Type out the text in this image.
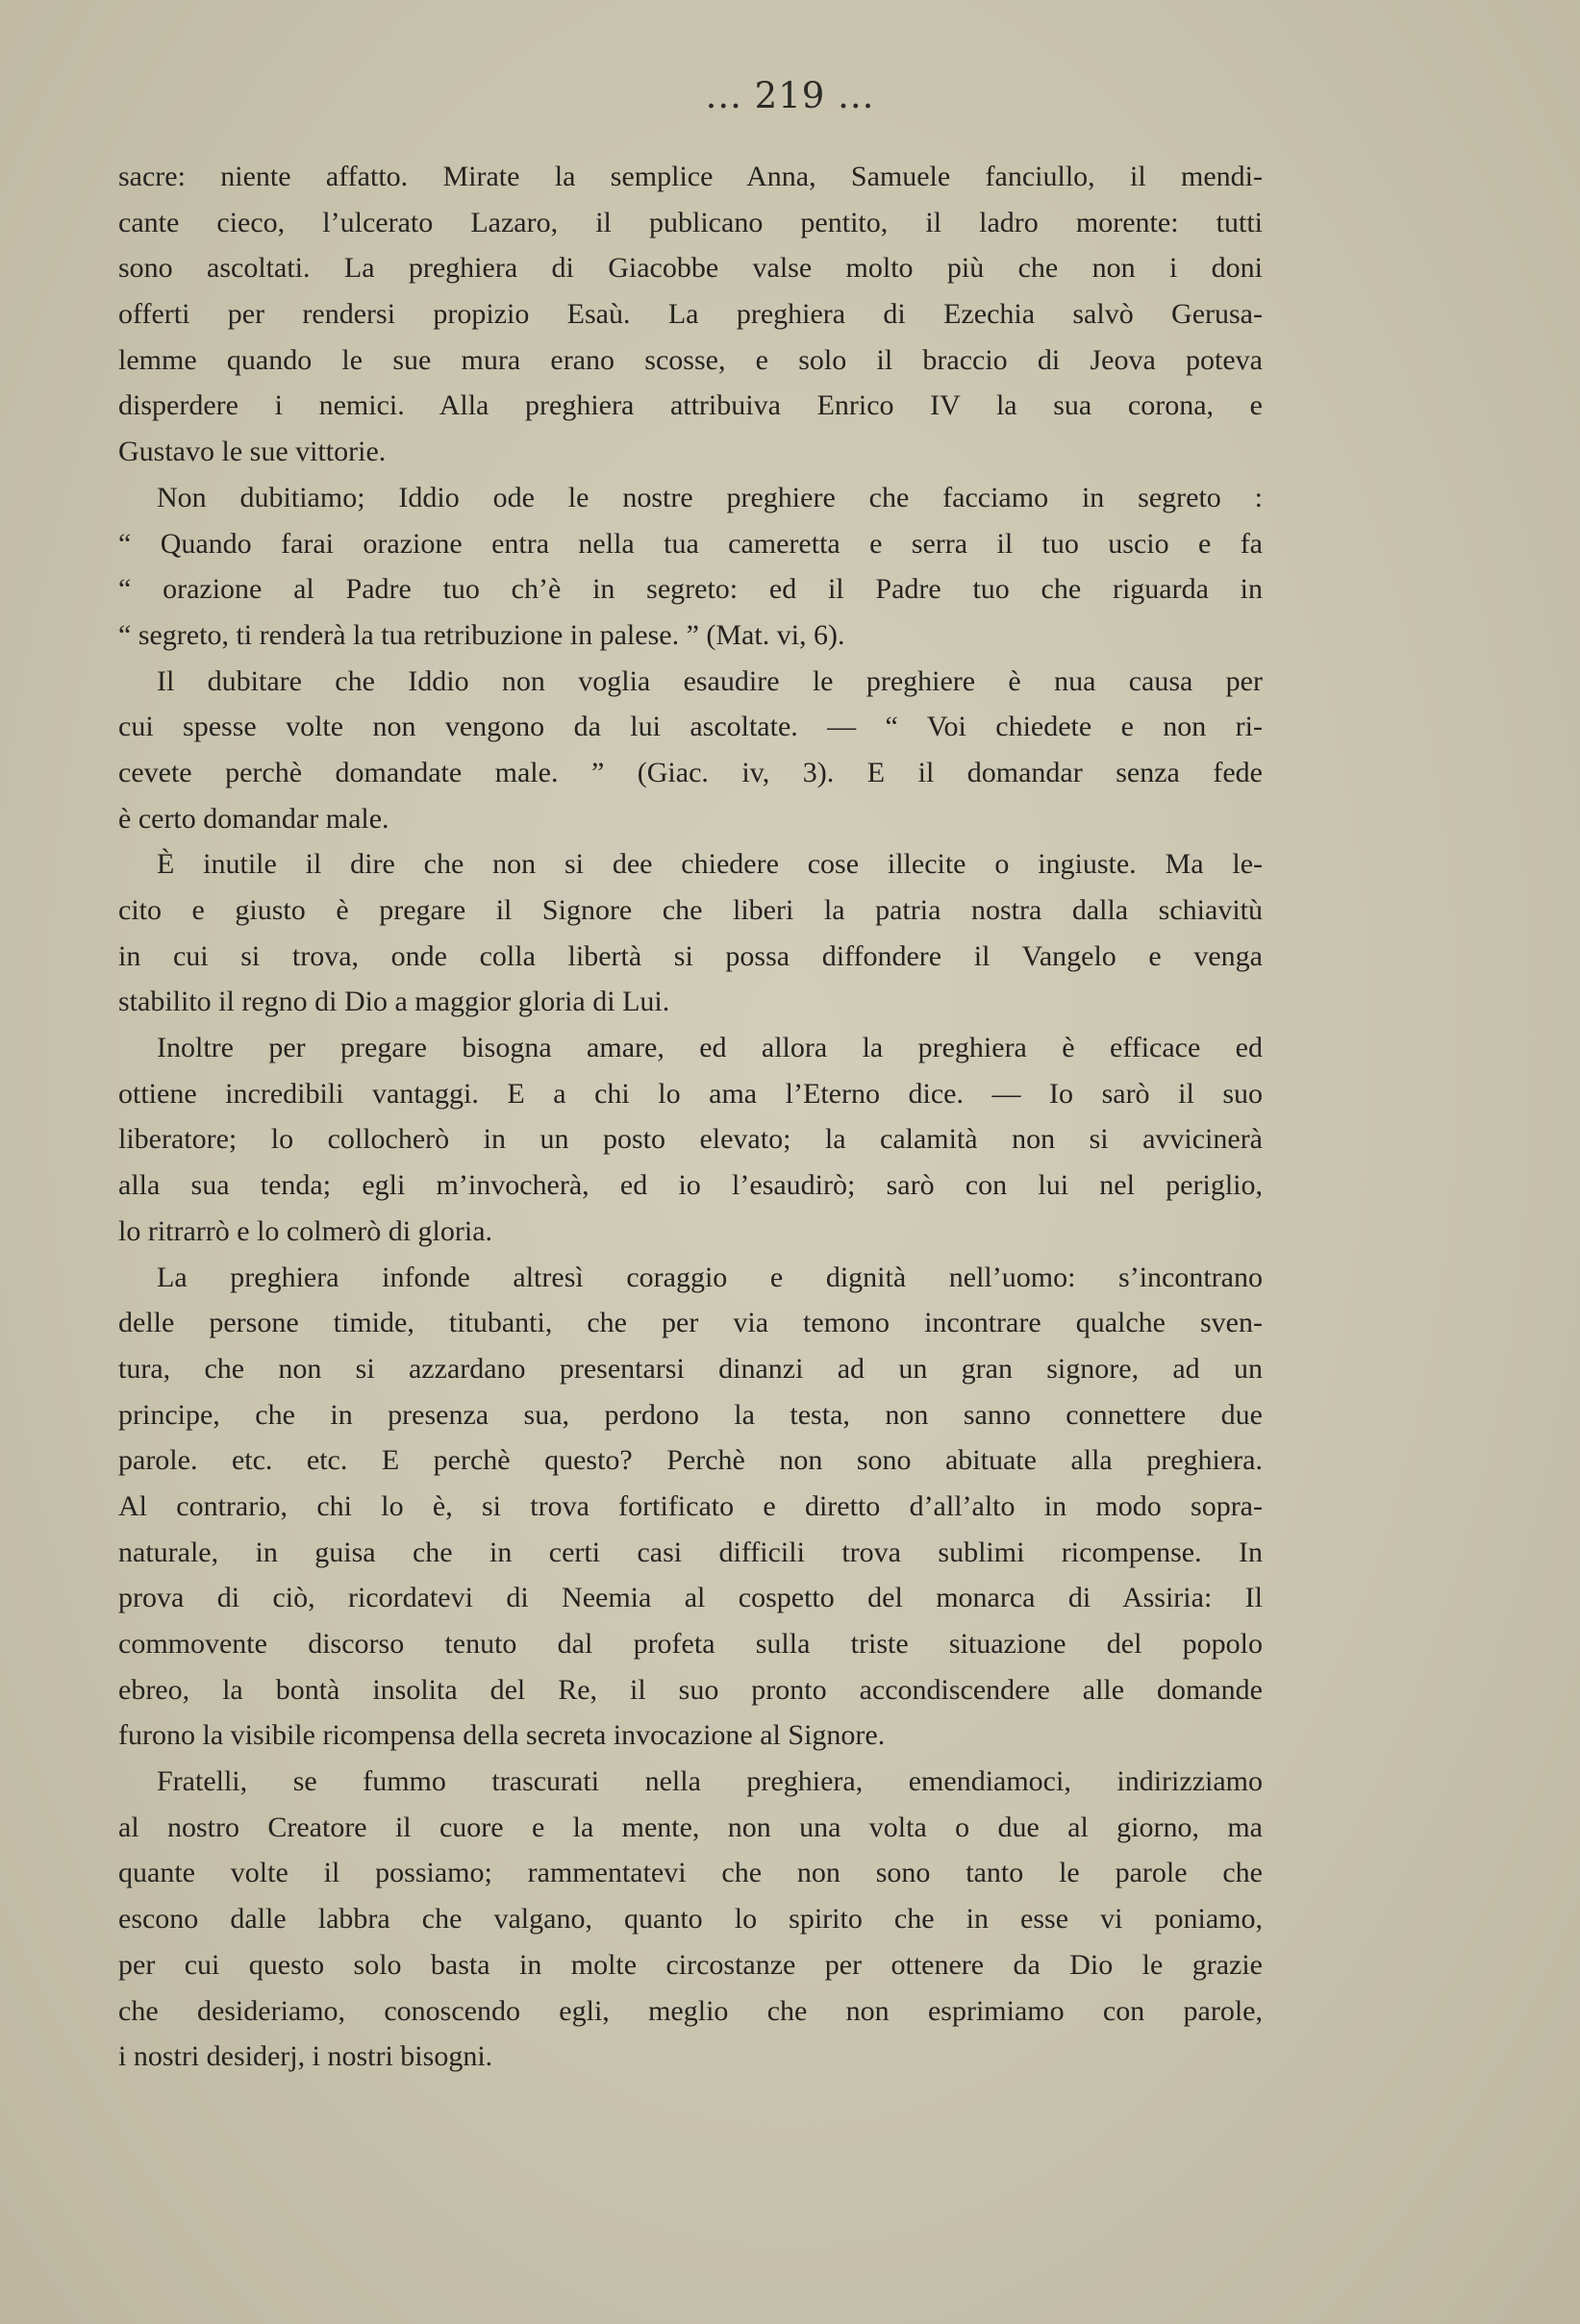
... 219 ...
sacre: niente affatto. Mirate la semplice Anna, Samuele fanciullo, il mendi-
cante cieco, l’ulcerato Lazaro, il publicano pentito, il ladro morente: tutti
sono ascoltati. La preghiera di Giacobbe valse molto più che non i doni
offerti per rendersi propizio Esaù. La preghiera di Ezechia salvò Gerusa-
lemme quando le sue mura erano scosse, e solo il braccio di Jeova poteva
disperdere i nemici. Alla preghiera attribuiva Enrico IV la sua corona, e
Gustavo le sue vittorie.
Non dubitiamo; Iddio ode le nostre preghiere che facciamo in segreto :
“ Quando farai orazione entra nella tua cameretta e serra il tuo uscio e fa
“ orazione al Padre tuo ch’è in segreto: ed il Padre tuo che riguarda in
“ segreto, ti renderà la tua retribuzione in palese. ” (Mat. vi, 6).
Il dubitare che Iddio non voglia esaudire le preghiere è nua causa per
cui spesse volte non vengono da lui ascoltate. — “ Voi chiedete e non ri-
cevete perchè domandate male. ” (Giac. iv, 3). E il domandar senza fede
è certo domandar male.
È inutile il dire che non si dee chiedere cose illecite o ingiuste. Ma le-
cito e giusto è pregare il Signore che liberi la patria nostra dalla schiavitù
in cui si trova, onde colla libertà si possa diffondere il Vangelo e venga
stabilito il regno di Dio a maggior gloria di Lui.
Inoltre per pregare bisogna amare, ed allora la preghiera è efficace ed
ottiene incredibili vantaggi. E a chi lo ama l’Eterno dice. — Io sarò il suo
liberatore; lo collocherò in un posto elevato; la calamità non si avvicinerà
alla sua tenda; egli m’invocherà, ed io l’esaudirò; sarò con lui nel periglio,
lo ritrarrò e lo colmerò di gloria.
La preghiera infonde altresì coraggio e dignità nell’uomo: s’incontrano
delle persone timide, titubanti, che per via temono incontrare qualche sven-
tura, che non si azzardano presentarsi dinanzi ad un gran signore, ad un
principe, che in presenza sua, perdono la testa, non sanno connettere due
parole. etc. etc. E perchè questo? Perchè non sono abituate alla preghiera.
Al contrario, chi lo è, si trova fortificato e diretto d’all’alto in modo sopra-
naturale, in guisa che in certi casi difficili trova sublimi ricompense. In
prova di ciò, ricordatevi di Neemia al cospetto del monarca di Assiria: Il
commovente discorso tenuto dal profeta sulla triste situazione del popolo
ebreo, la bontà insolita del Re, il suo pronto accondiscendere alle domande
furono la visibile ricompensa della secreta invocazione al Signore.
Fratelli, se fummo trascurati nella preghiera, emendiamoci, indirizziamo
al nostro Creatore il cuore e la mente, non una volta o due al giorno, ma
quante volte il possiamo; rammentatevi che non sono tanto le parole che
escono dalle labbra che valgano, quanto lo spirito che in esse vi poniamo,
per cui questo solo basta in molte circostanze per ottenere da Dio le grazie
che desideriamo, conoscendo egli, meglio che non esprimiamo con parole,
i nostri desiderj, i nostri bisogni.
